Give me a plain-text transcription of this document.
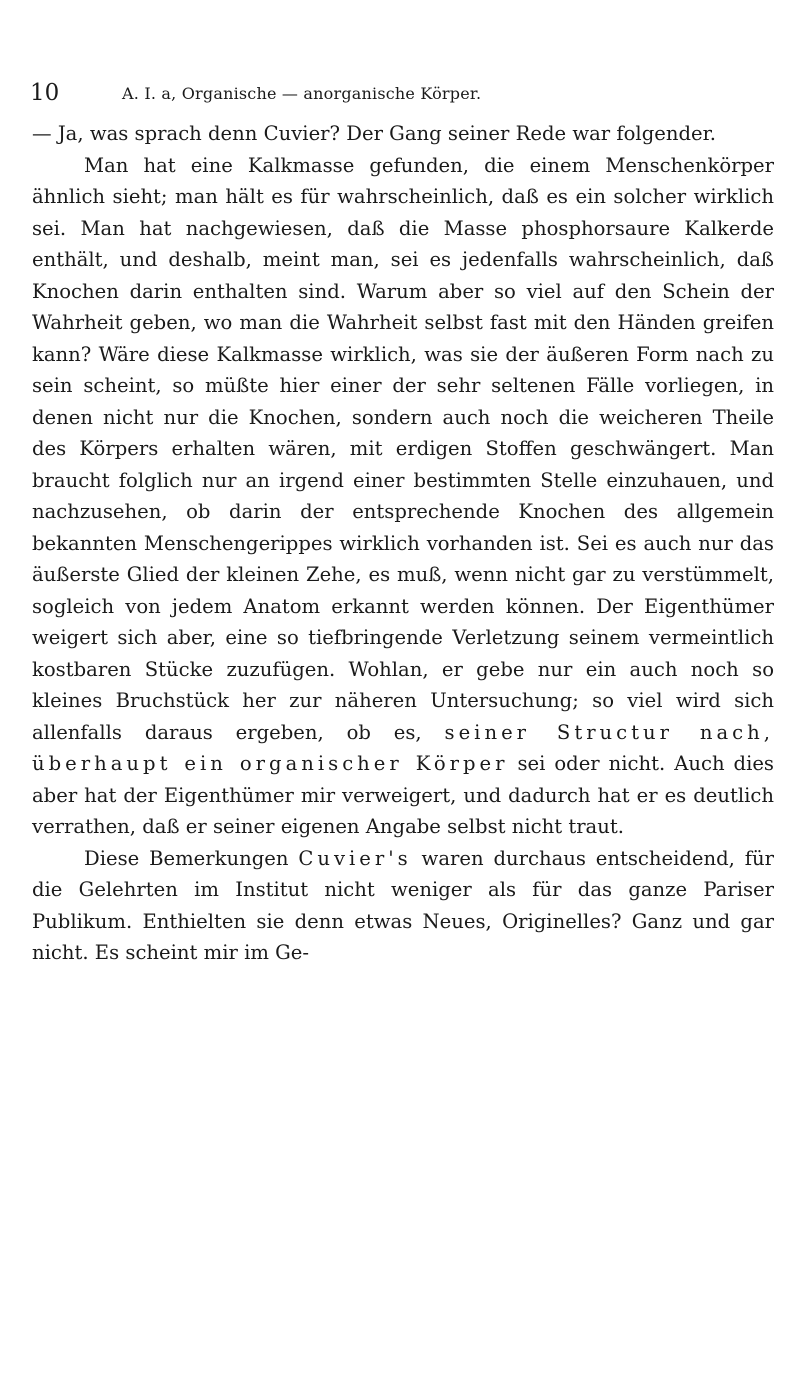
10	A. I. a, Organische — anorganische Körper.

— Ja, was sprach denn Cuvier? Der Gang seiner Rede war folgender.

Man hat eine Kalkmasse gefunden, die einem Menschenkörper ähnlich sieht; man hält es für wahrscheinlich, daß es ein solcher wirklich sei. Man hat nachgewiesen, daß die Masse phosphorsaure Kalkerde enthält, und deshalb, meint man, sei es jedenfalls wahrscheinlich, daß Knochen darin enthalten sind. Warum aber so viel auf den Schein der Wahrheit geben, wo man die Wahrheit selbst fast mit den Händen greifen kann? Wäre diese Kalkmasse wirklich, was sie der äußeren Form nach zu sein scheint, so müßte hier einer der sehr seltenen Fälle vorliegen, in denen nicht nur die Knochen, sondern auch noch die weicheren Theile des Körpers erhalten wären, mit erdigen Stoffen geschwängert. Man braucht folglich nur an irgend einer bestimmten Stelle einzuhauen, und nachzusehen, ob darin der entsprechende Knochen des allgemein bekannten Menschengerippes wirklich vorhanden ist. Sei es auch nur das äußerste Glied der kleinen Zehe, es muß, wenn nicht gar zu verstümmelt, sogleich von jedem Anatom erkannt werden können. Der Eigenthümer weigert sich aber, eine so tiefbringende Verletzung seinem vermeintlich kostbaren Stücke zuzufügen. Wohlan, er gebe nur ein auch noch so kleines Bruchstück her zur näheren Untersuchung; so viel wird sich allenfalls daraus ergeben, ob es, seiner Structur nach, überhaupt ein organischer Körper sei oder nicht. Auch dies aber hat der Eigenthümer mir verweigert, und dadurch hat er es deutlich verrathen, daß er seiner eigenen Angabe selbst nicht traut.

Diese Bemerkungen Cuvier's waren durchaus entscheidend, für die Gelehrten im Institut nicht weniger als für das ganze Pariser Publikum. Enthielten sie denn etwas Neues, Originelles? Ganz und gar nicht. Es scheint mir im Ge-
